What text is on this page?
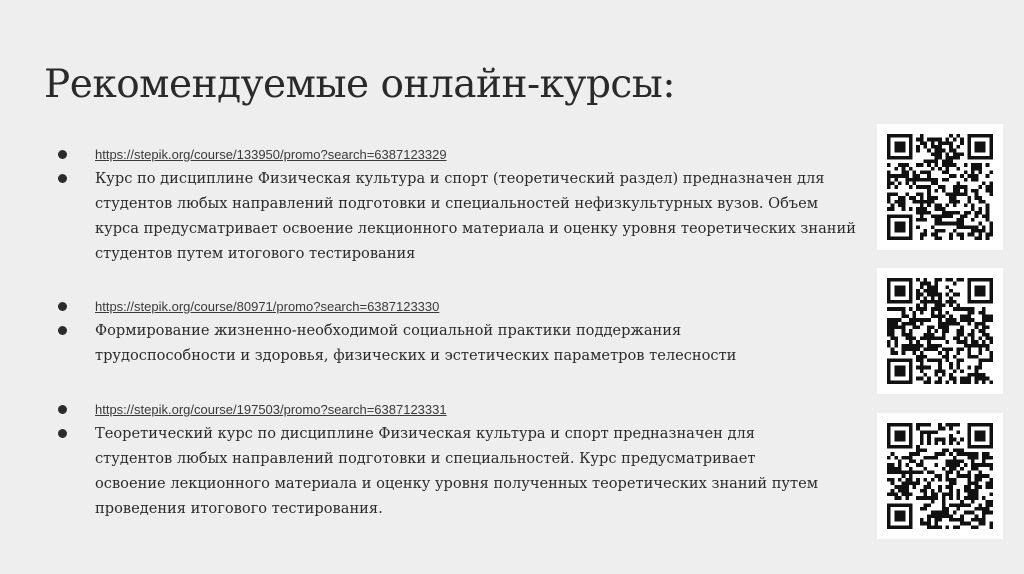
Рекомендуемые онлайн-курсы:
https://stepik.org/course/133950/promo?search=6387123329

Курс по дисциплине Физическая культура и спорт (теоретический раздел) предназначен для студентов любых направлений подготовки и специальностей нефизкультурных вузов. Объем курса предусматривает освоение лекционного материала и оценку уровня теоретических знаний студентов путем итогового тестирования

https://stepik.org/course/80971/promo?search=6387123330

Формирование жизненно-необходимой социальной практики поддержания трудоспособности и здоровья, физических и эстетических параметров телесности

https://stepik.org/course/197503/promo?search=6387123331

Теоретический курс по дисциплине Физическая культура и спорт предназначен для студентов любых направлений подготовки и специальностей. Курс предусматривает освоение лекционного материала и оценку уровня полученных теоретических знаний путем проведения итогового тестирования.
